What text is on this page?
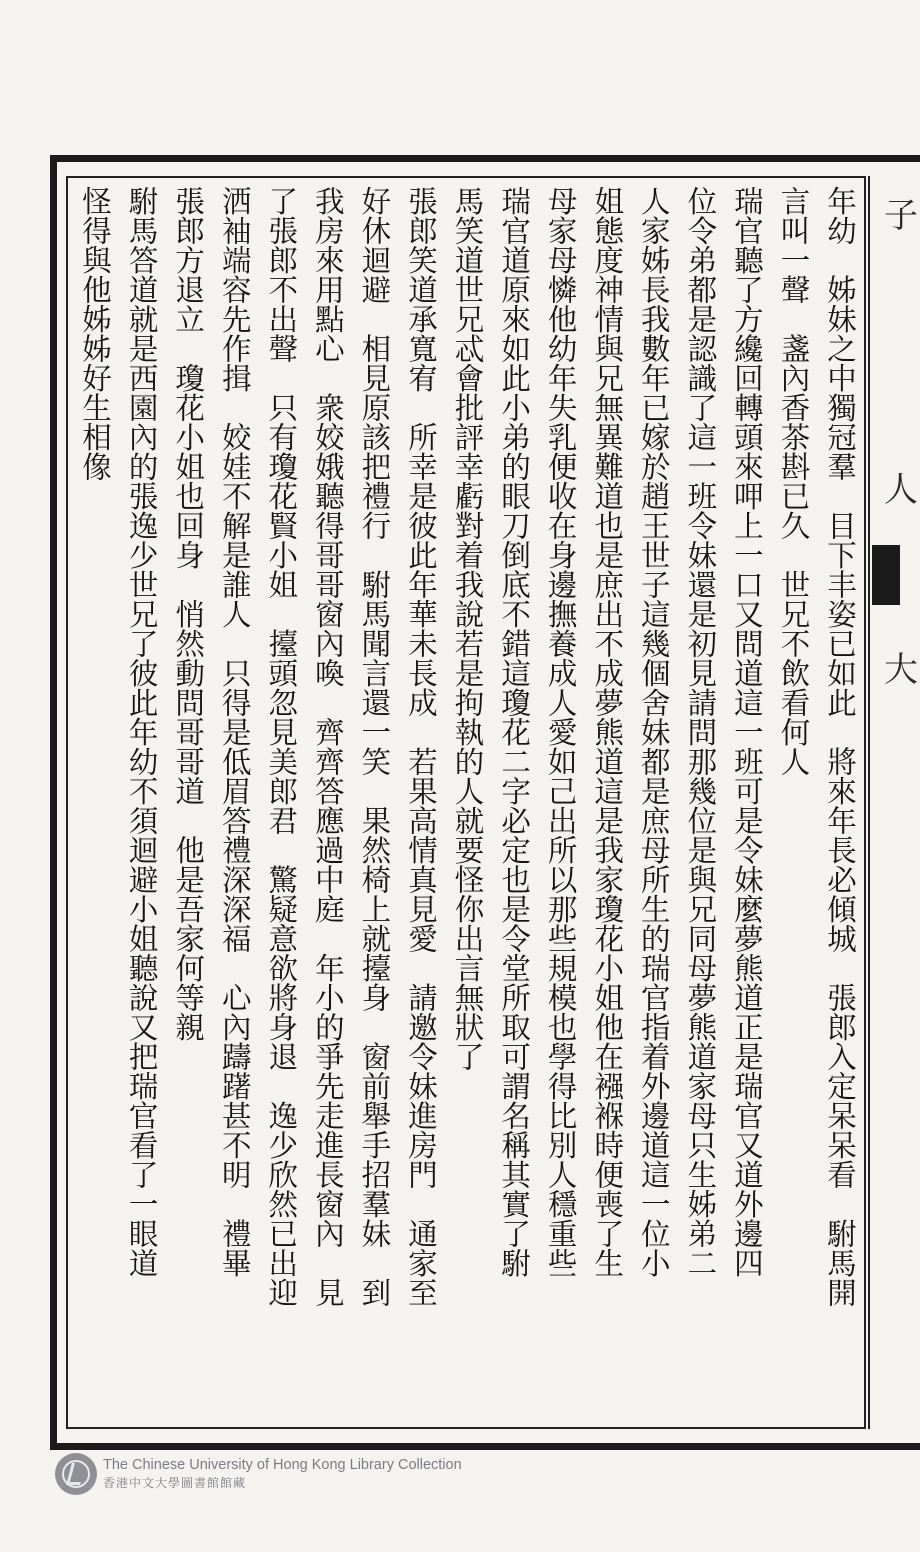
子
人
大
年幼　姊妹之中獨冠羣　目下丰姿已如此　將來年長必傾城　張郎入定呆呆看　駙馬開
言叫一聲　盞內香茶斟已久　世兄不飲看何人
瑞官聽了方纔回轉頭來呷上一口又問道這一班可是令妹麼夢熊道正是瑞官又道外邊四
位令弟都是認識了這一班令妹還是初見請問那幾位是與兄同母夢熊道家母只生姊弟二
人家姊長我數年已嫁於趙王世子這幾個舍妹都是庶母所生的瑞官指着外邊道這一位小
姐態度神情與兄無異難道也是庶出不成夢熊道這是我家瓊花小姐他在襁褓時便喪了生
母家母憐他幼年失乳便收在身邊撫養成人愛如己出所以那些規模也學得比別人穩重些
瑞官道原來如此小弟的眼刀倒底不錯這瓊花二字必定也是令堂所取可謂名稱其實了駙
馬笑道世兄忒會批評幸虧對着我說若是拘執的人就要怪你出言無狀了
張郎笑道承寬宥　所幸是彼此年華未長成　若果高情真見愛　請邀令妹進房門　通家至
好休迴避　相見原該把禮行　駙馬聞言還一笑　果然椅上就擡身　窗前舉手招羣妹　到
我房來用點心　衆姣娥聽得哥哥窗內喚　齊齊答應過中庭　年小的爭先走進長窗內　見
了張郎不出聲　只有瓊花賢小姐　擡頭忽見美郎君　驚疑意欲將身退　逸少欣然已出迎
洒袖端容先作揖　姣娃不解是誰人　只得是低眉答禮深深福　心內躊躇甚不明　禮畢
張郎方退立　瓊花小姐也回身　悄然動問哥哥道　他是吾家何等親
駙馬答道就是西園內的張逸少世兄了彼此年幼不須迴避小姐聽說又把瑞官看了一眼道
怪得與他姊姊好生相像
The Chinese University of Hong Kong Library Collection
香港中文大學圖書館館藏
